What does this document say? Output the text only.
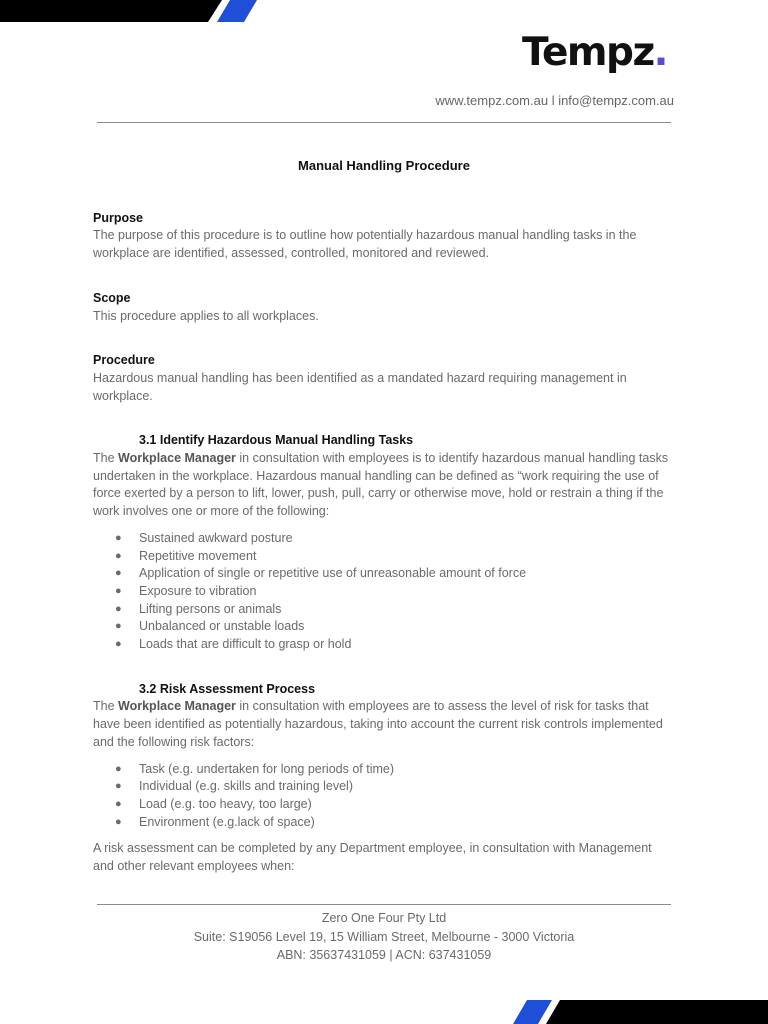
Tempz.
www.tempz.com.au l info@tempz.com.au
Manual Handling Procedure
Purpose

The purpose of this procedure is to outline how potentially hazardous manual handling tasks in the workplace are identified, assessed, controlled, monitored and reviewed.

Scope

This procedure applies to all workplaces.

Procedure

Hazardous manual handling has been identified as a mandated hazard requiring management in workplace.

3.1 Identify Hazardous Manual Handling Tasks

The Workplace Manager in consultation with employees is to identify hazardous manual handling tasks undertaken in the workplace. Hazardous manual handling can be defined as “work requiring the use of force exerted by a person to lift, lower, push, pull, carry or otherwise move, hold or restrain a thing if the work involves one or more of the following:

● Sustained awkward posture
● Repetitive movement
● Application of single or repetitive use of unreasonable amount of force
● Exposure to vibration
● Lifting persons or animals
● Unbalanced or unstable loads
● Loads that are difficult to grasp or hold
3.2 Risk Assessment Process

The Workplace Manager in consultation with employees are to assess the level of risk for tasks that have been identified as potentially hazardous, taking into account the current risk controls implemented and the following risk factors:

● Task (e.g. undertaken for long periods of time)
● Individual (e.g. skills and training level)
● Load (e.g. too heavy, too large)
● Environment (e.g.lack of space)

A risk assessment can be completed by any Department employee, in consultation with Management and other relevant employees when:

Zero One Four Pty Ltd
Suite: S19056 Level 19, 15 William Street, Melbourne - 3000 Victoria
ABN: 35637431059 | ACN: 637431059
